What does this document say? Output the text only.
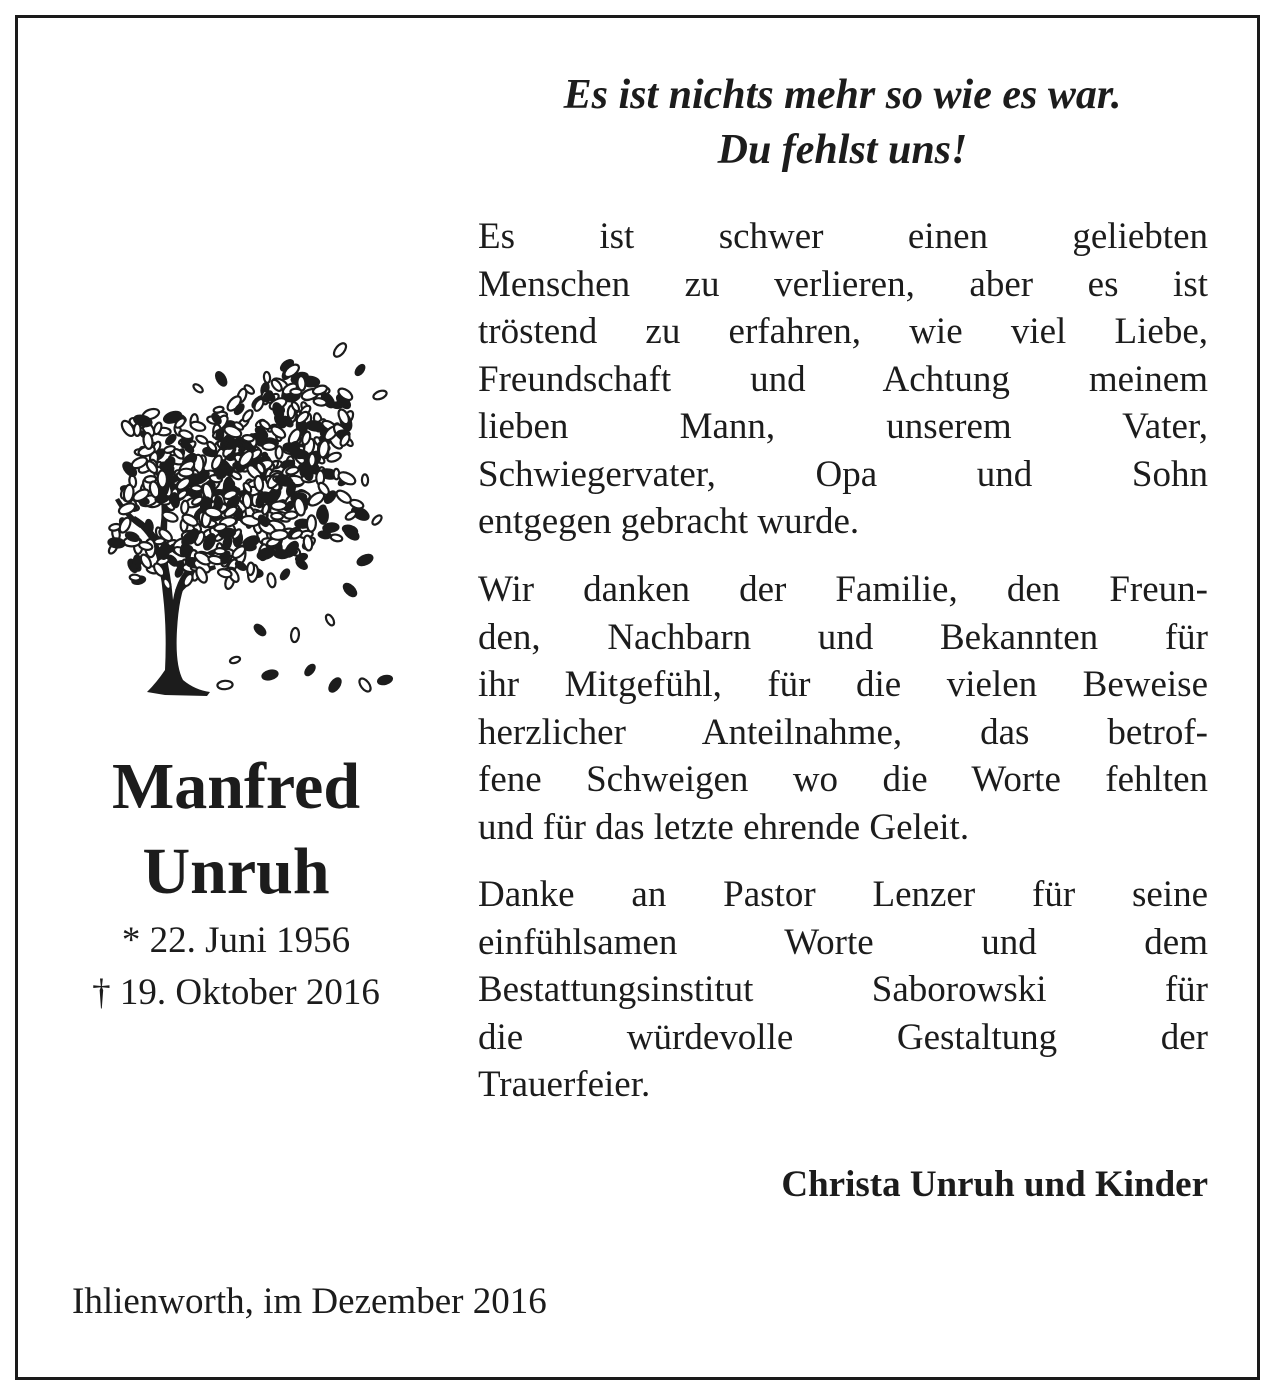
Es ist nichts mehr so wie es war.

Du fehlst uns!

Manfred

Unruh

* 22. Juni 1956

† 19. Oktober 2016

Es ist schwer einen geliebten
Menschen zu verlieren, aber es ist
tröstend zu erfahren, wie viel Liebe,
Freundschaft und Achtung meinem
lieben Mann, unserem Vater,
Schwiegervater, Opa und Sohn
entgegen gebracht wurde.

Wir danken der Familie, den Freun-
den, Nachbarn und Bekannten für
ihr Mitgefühl, für die vielen Beweise
herzlicher Anteilnahme, das betrof-
fene Schweigen wo die Worte fehlten
und für das letzte ehrende Geleit.

Danke an Pastor Lenzer für seine
einfühlsamen Worte und dem
Bestattungsinstitut Saborowski für
die würdevolle Gestaltung der
Trauerfeier.

Christa Unruh und Kinder

Ihlienworth, im Dezember 2016
